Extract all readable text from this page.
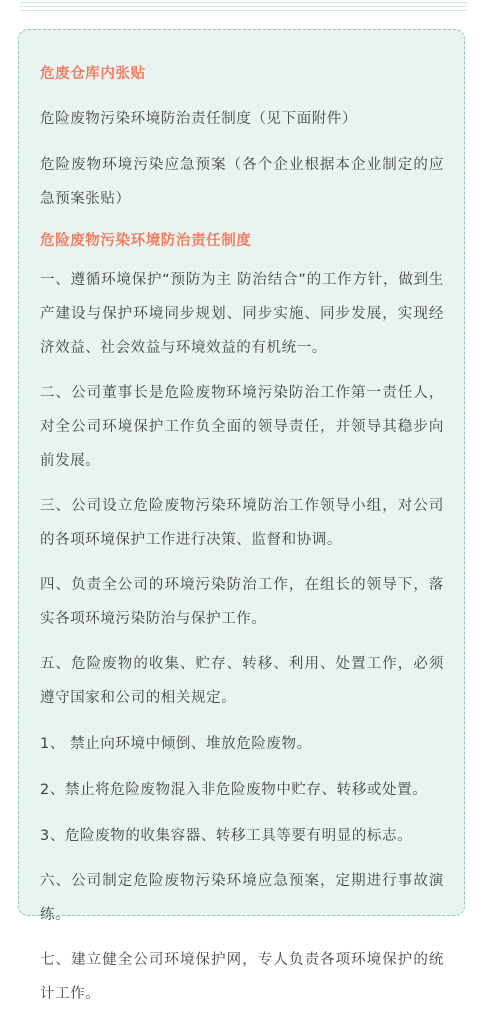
危废仓库内张贴

危险废物污染环境防治责任制度（见下面附件）

危险废物环境污染应急预案（各个企业根据本企业制定的应急预案张贴）

危险废物污染环境防治责任制度

一、遵循环境保护“预防为主 防治结合”的工作方针，做到生产建设与保护环境同步规划、同步实施、同步发展，实现经济效益、社会效益与环境效益的有机统一。

二、公司董事长是危险废物环境污染防治工作第一责任人，对全公司环境保护工作负全面的领导责任，并领导其稳步向前发展。

三、公司设立危险废物污染环境防治工作领导小组，对公司的各项环境保护工作进行决策、监督和协调。

四、负责全公司的环境污染防治工作，在组长的领导下，落实各项环境污染防治与保护工作。

五、危险废物的收集、贮存、转移、利用、处置工作，必须遵守国家和公司的相关规定。

1、 禁止向环境中倾倒、堆放危险废物。

2、禁止将危险废物混入非危险废物中贮存、转移或处置。

3、危险废物的收集容器、转移工具等要有明显的标志。

六、公司制定危险废物污染环境应急预案，定期进行事故演练。

七、建立健全公司环境保护网，专人负责各项环境保护的统计工作。
